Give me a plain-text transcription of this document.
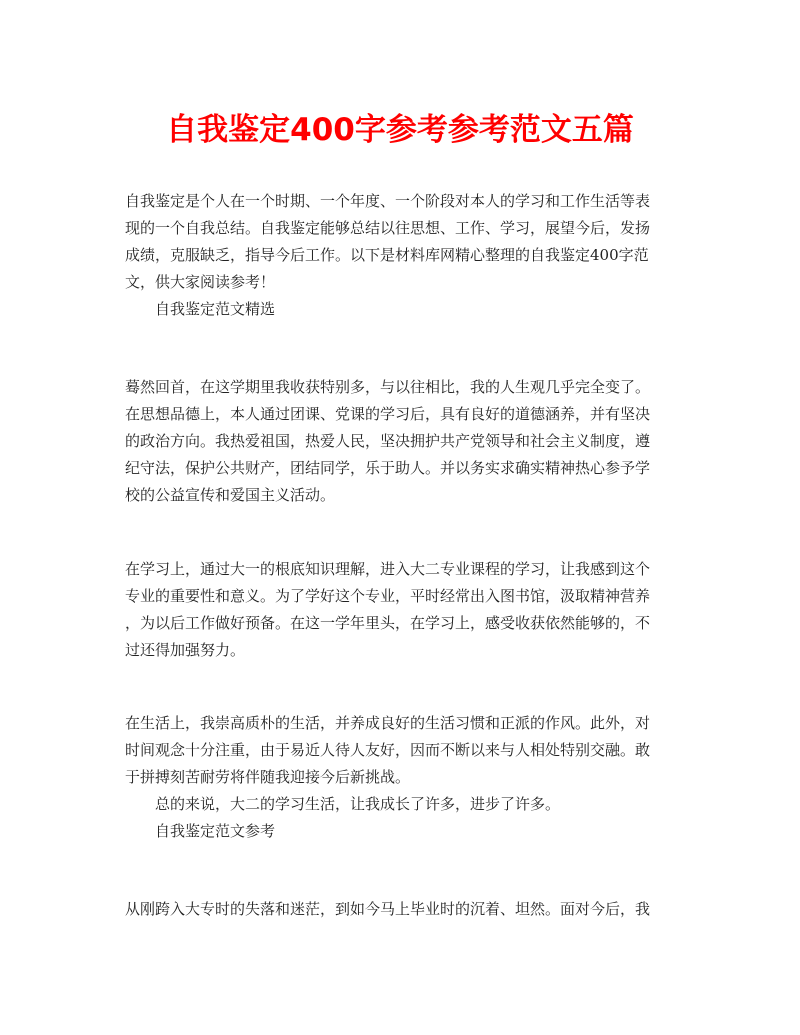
自我鉴定400字参考参考范文五篇
自我鉴定是个人在一个时期、一个年度、一个阶段对本人的学习和工作生活等表
现的一个自我总结。自我鉴定能够总结以往思想、工作、学习，展望今后，发扬
成绩，克服缺乏，指导今后工作。以下是材料库网精心整理的自我鉴定400字范
文，供大家阅读参考！
自我鉴定范文精选
蓦然回首，在这学期里我收获特别多，与以往相比，我的人生观几乎完全变了。
在思想品德上，本人通过团课、党课的学习后，具有良好的道德涵养，并有坚决
的政治方向。我热爱祖国，热爱人民，坚决拥护共产党领导和社会主义制度，遵
纪守法，保护公共财产，团结同学，乐于助人。并以务实求确实精神热心参予学
校的公益宣传和爱国主义活动。
在学习上，通过大一的根底知识理解，进入大二专业课程的学习，让我感到这个
专业的重要性和意义。为了学好这个专业，平时经常出入图书馆，汲取精神营养
，为以后工作做好预备。在这一学年里头，在学习上，感受收获依然能够的，不
过还得加强努力。
在生活上，我崇高质朴的生活，并养成良好的生活习惯和正派的作风。此外，对
时间观念十分注重，由于易近人待人友好，因而不断以来与人相处特别交融。敢
于拼搏刻苦耐劳将伴随我迎接今后新挑战。
总的来说，大二的学习生活，让我成长了许多，进步了许多。
自我鉴定范文参考
从刚跨入大专时的失落和迷茫，到如今马上毕业时的沉着、坦然。面对今后，我
